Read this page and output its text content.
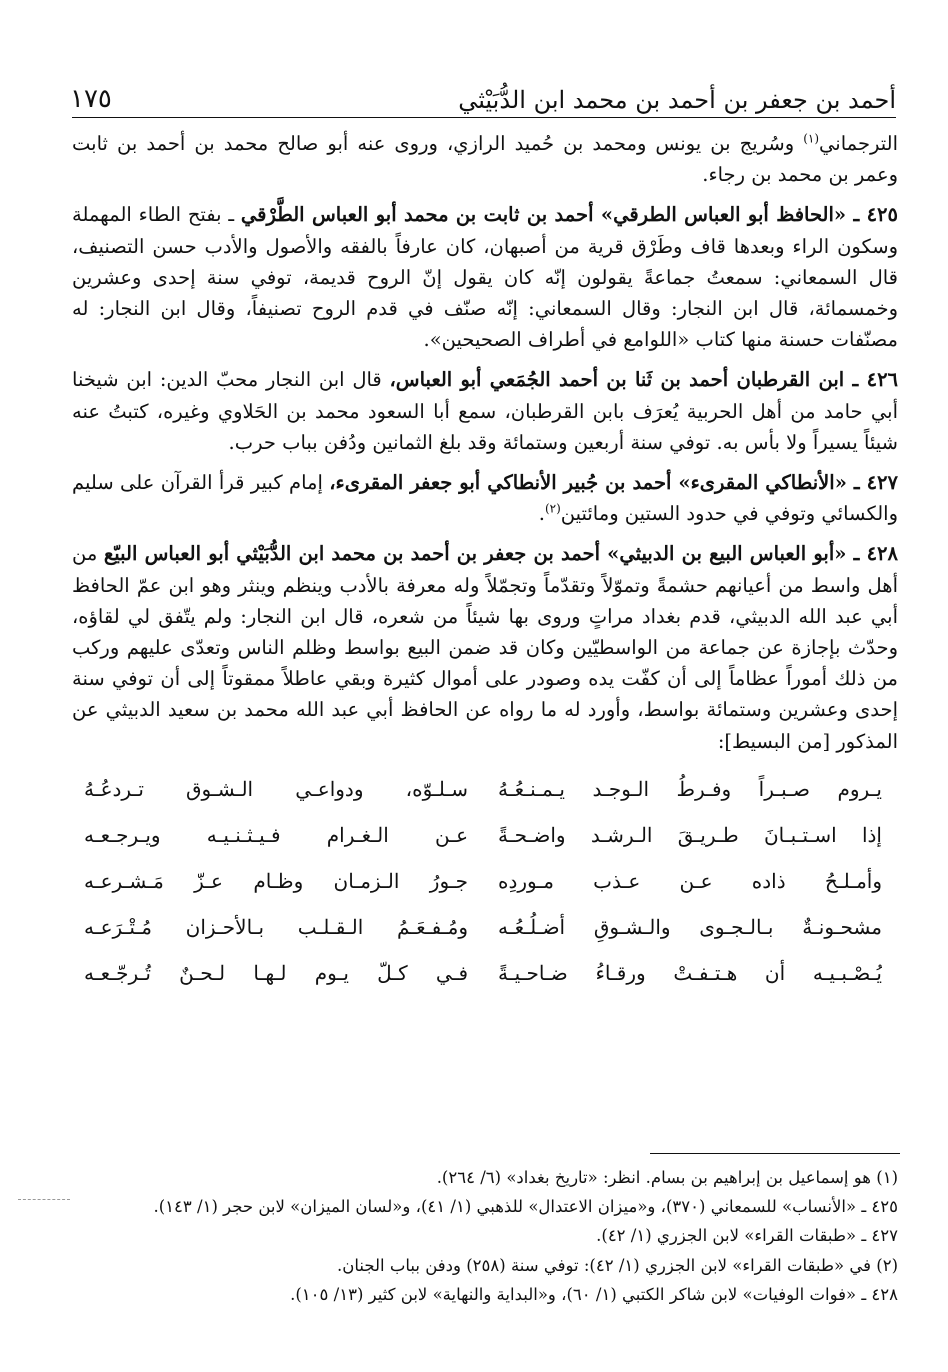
أحمد بن جعفر بن أحمد بن محمد ابن الدُّبَيْثي
١٧٥

الترجماني$^{(١)}$ وسُريج بن يونس ومحمد بن حُميد الرازي، وروى عنه أبو صالح محمد بن أحمد بن ثابت وعمر بن محمد بن رجاء.

٤٢٥ ـ «الحافظ أبو العباس الطرقي» أحمد بن ثابت بن محمد أبو العباس الطَّرْقي ـ بفتح الطاء المهملة وسكون الراء وبعدها قاف وطَرْق قرية من أصبهان، كان عارفاً بالفقه والأصول والأدب حسن التصنيف، قال السمعاني: سمعتُ جماعةً يقولون إنّه كان يقول إنّ الروح قديمة، توفي سنة إحدى وعشرين وخمسمائة، قال ابن النجار: وقال السمعاني: إنّه صنّف في قدم الروح تصنيفاً، وقال ابن النجار: له مصنّفات حسنة منها كتاب «اللوامع في أطراف الصحيحين».

٤٢٦ ـ ابن القرطبان أحمد بن ثَنا بن أحمد الجُمَعي أبو العباس، قال ابن النجار محبّ الدين: ابن شيخنا أبي حامد من أهل الحربية يُعرَف بابن القرطبان، سمع أبا السعود محمد بن الحَلاوي وغيره، كتبتُ عنه شيئاً يسيراً ولا بأس به. توفي سنة أربعين وستمائة وقد بلغ الثمانين ودُفن بباب حرب.

٤٢٧ ـ «الأنطاكي المقرىء» أحمد بن جُبير الأنطاكي أبو جعفر المقرىء، إمام كبير قرأ القرآن على سليم والكسائي وتوفي في حدود الستين ومائتين$^{(٢)}$.

٤٢٨ ـ «أبو العباس البيع بن الدبيثي» أحمد بن جعفر بن أحمد بن محمد ابن الدُّبَيْثي أبو العباس البيّع من أهل واسط من أعيانهم حشمةً وتموّلاً وتقدّماً وتجمّلاً وله معرفة بالأدب وينظم وينثر وهو ابن عمّ الحافظ أبي عبد الله الدبيثي، قدم بغداد مراتٍ وروى بها شيئاً من شعره، قال ابن النجار: ولم يتّفق لي لقاؤه، وحدّث بإجازة عن جماعة من الواسطيّين وكان قد ضمن البيع بواسط وظلم الناس وتعدّى عليهم وركب من ذلك أموراً عظاماً إلى أن كفّت يده وصودر على أموال كثيرة وبقي عاطلاً ممقوتاً إلى أن توفي سنة إحدى وعشرين وستمائة بواسط، وأورد له ما رواه عن الحافظ أبي عبد الله محمد بن سعيد الدبيثي عن المذكور [من البسيط]:

يـروم صـبـراً وفـرطُ الـوجـد يـمـنـعُـهُ
سـلـوّه، ودواعـي الـشـوق تـردعُـهُ
إذا اسـتـبـانَ طـريـقَ الـرشـد واضـحـةً
عـن الـغـرام فـيـثـنـيـه ويـرجـعـه
وأمـلـحُ ذاده عـن عـذب مـوردِه
جـورُ الـزمـان وظـام عـزّ مَـشـرعـه
مشحـونـةٌ بـالـجـوى والـشـوقِ أضـلُـعُـه
ومُـفـعَـمُ الـقـلـب بـالأحـزان مُـتْـرَعـه
يُـصْـبـيـه أن هـتـفـتْ ورقـاءُ ضـاحـيـةً
فـي كـلّ يـوم لـهـا لـحـنٌ تُـرجّـعـه
(١) هو إسماعيل بن إبراهيم بن بسام. انظر: «تاريخ بغداد» (٦/ ٢٦٤).
٤٢٥ ـ «الأنساب» للسمعاني (٣٧٠)، و«ميزان الاعتدال» للذهبي (١/ ٤١)، و«لسان الميزان» لابن حجر (١/ ١٤٣).
٤٢٧ ـ «طبقات القراء» لابن الجزري (١/ ٤٢).
(٢) في «طبقات القراء» لابن الجزري (١/ ٤٢): توفي سنة (٢٥٨) ودفن بباب الجنان.
٤٢٨ ـ «فوات الوفيات» لابن شاكر الكتبي (١/ ٦٠)، و«البداية والنهاية» لابن كثير (١٣/ ١٠٥).
